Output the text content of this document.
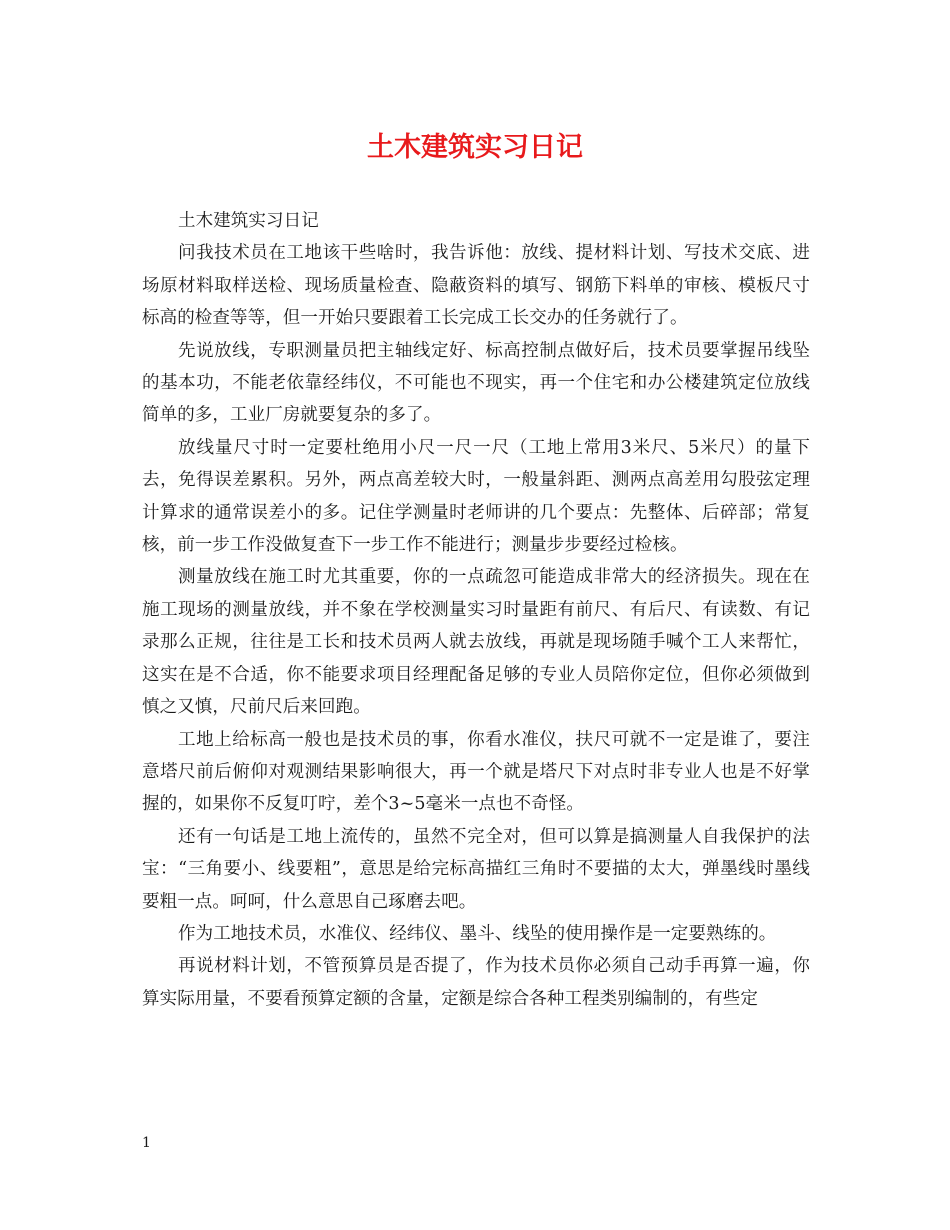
土木建筑实习日记

土木建筑实习日记

问我技术员在工地该干些啥时，我告诉他：放线、提材料计划、写技术交底、进场原材料取样送检、现场质量检查、隐蔽资料的填写、钢筋下料单的审核、模板尺寸标高的检查等等，但一开始只要跟着工长完成工长交办的任务就行了。

先说放线，专职测量员把主轴线定好、标高控制点做好后，技术员要掌握吊线坠的基本功，不能老依靠经纬仪，不可能也不现实，再一个住宅和办公楼建筑定位放线简单的多，工业厂房就要复杂的多了。

放线量尺寸时一定要杜绝用小尺一尺一尺（工地上常用3米尺、5米尺）的量下去，免得误差累积。另外，两点高差较大时，一般量斜距、测两点高差用勾股弦定理计算求的通常误差小的多。记住学测量时老师讲的几个要点：先整体、后碎部；常复核，前一步工作没做复查下一步工作不能进行；测量步步要经过检核。

测量放线在施工时尤其重要，你的一点疏忽可能造成非常大的经济损失。现在在施工现场的测量放线，并不象在学校测量实习时量距有前尺、有后尺、有读数、有记录那么正规，往往是工长和技术员两人就去放线，再就是现场随手喊个工人来帮忙，这实在是不合适，你不能要求项目经理配备足够的专业人员陪你定位，但你必须做到慎之又慎，尺前尺后来回跑。

工地上给标高一般也是技术员的事，你看水准仪，扶尺可就不一定是谁了，要注意塔尺前后俯仰对观测结果影响很大，再一个就是塔尺下对点时非专业人也是不好掌握的，如果你不反复叮咛，差个3~5毫米一点也不奇怪。

还有一句话是工地上流传的，虽然不完全对，但可以算是搞测量人自我保护的法宝：“三角要小、线要粗”，意思是给完标高描红三角时不要描的太大，弹墨线时墨线要粗一点。呵呵，什么意思自己琢磨去吧。

作为工地技术员，水准仪、经纬仪、墨斗、线坠的使用操作是一定要熟练的。

再说材料计划，不管预算员是否提了，作为技术员你必须自己动手再算一遍，你算实际用量，不要看预算定额的含量，定额是综合各种工程类别编制的，有些定

1
